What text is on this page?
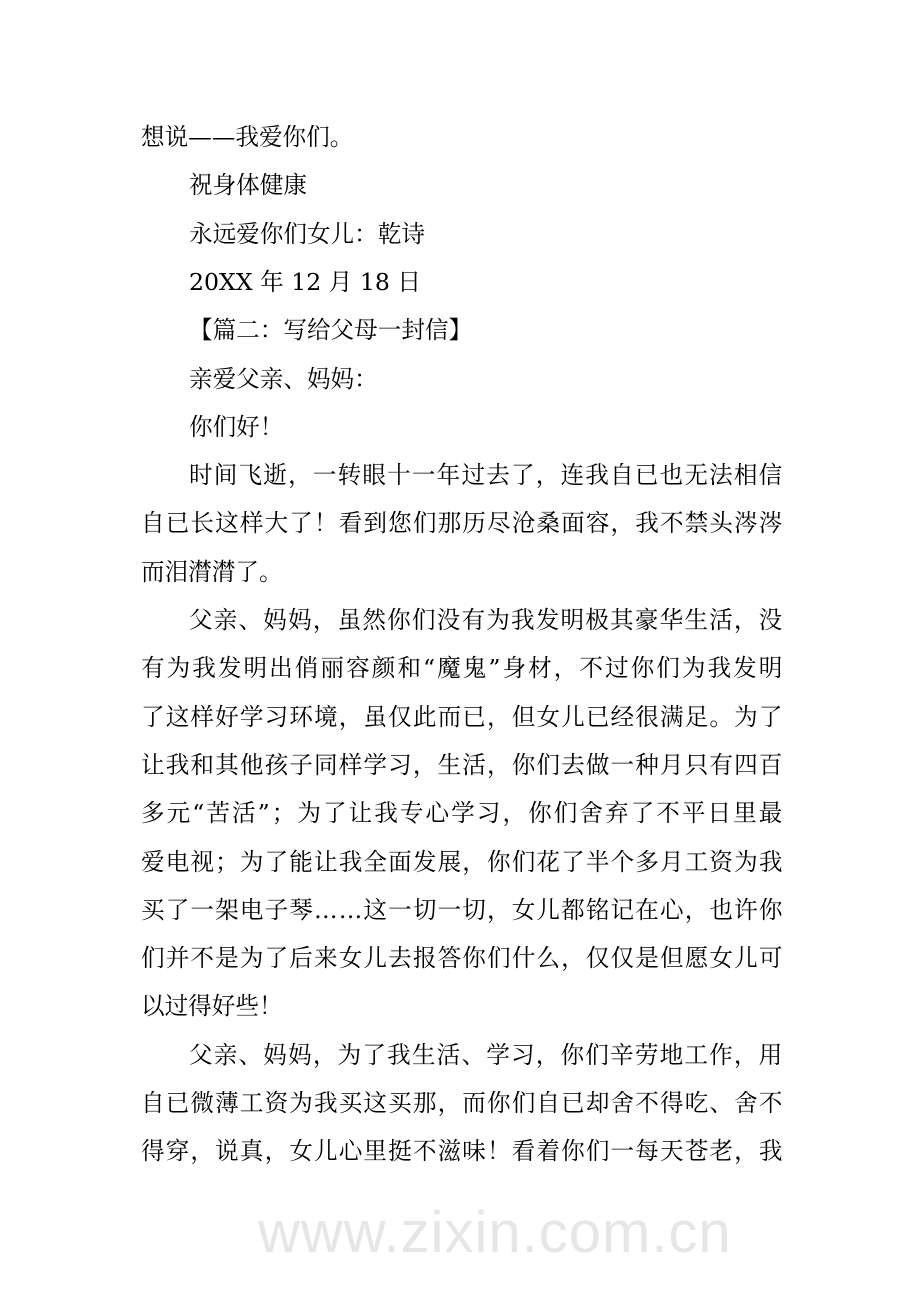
www.zixin.com.cn
想说——我爱你们。
祝身体健康
永远爱你们女儿：乾诗
20XX 年 12 月 18 日
【篇二：写给父母一封信】
亲爱父亲、妈妈：
你们好！
时间飞逝，一转眼十一年过去了，连我自已也无法相信
自已长这样大了！看到您们那历尽沧桑面容，我不禁头涔涔
而泪潸潸了。
父亲、妈妈，虽然你们没有为我发明极其豪华生活，没
有为我发明出俏丽容颜和“魔鬼”身材，不过你们为我发明
了这样好学习环境，虽仅此而已，但女儿已经很满足。为了
让我和其他孩子同样学习，生活，你们去做一种月只有四百
多元“苦活”；为了让我专心学习，你们舍弃了不平日里最
爱电视；为了能让我全面发展，你们花了半个多月工资为我
买了一架电子琴……这一切一切，女儿都铭记在心，也许你
们并不是为了后来女儿去报答你们什么，仅仅是但愿女儿可
以过得好些！
父亲、妈妈，为了我生活、学习，你们辛劳地工作，用
自已微薄工资为我买这买那，而你们自已却舍不得吃、舍不
得穿，说真，女儿心里挺不滋味！看着你们一每天苍老，我
